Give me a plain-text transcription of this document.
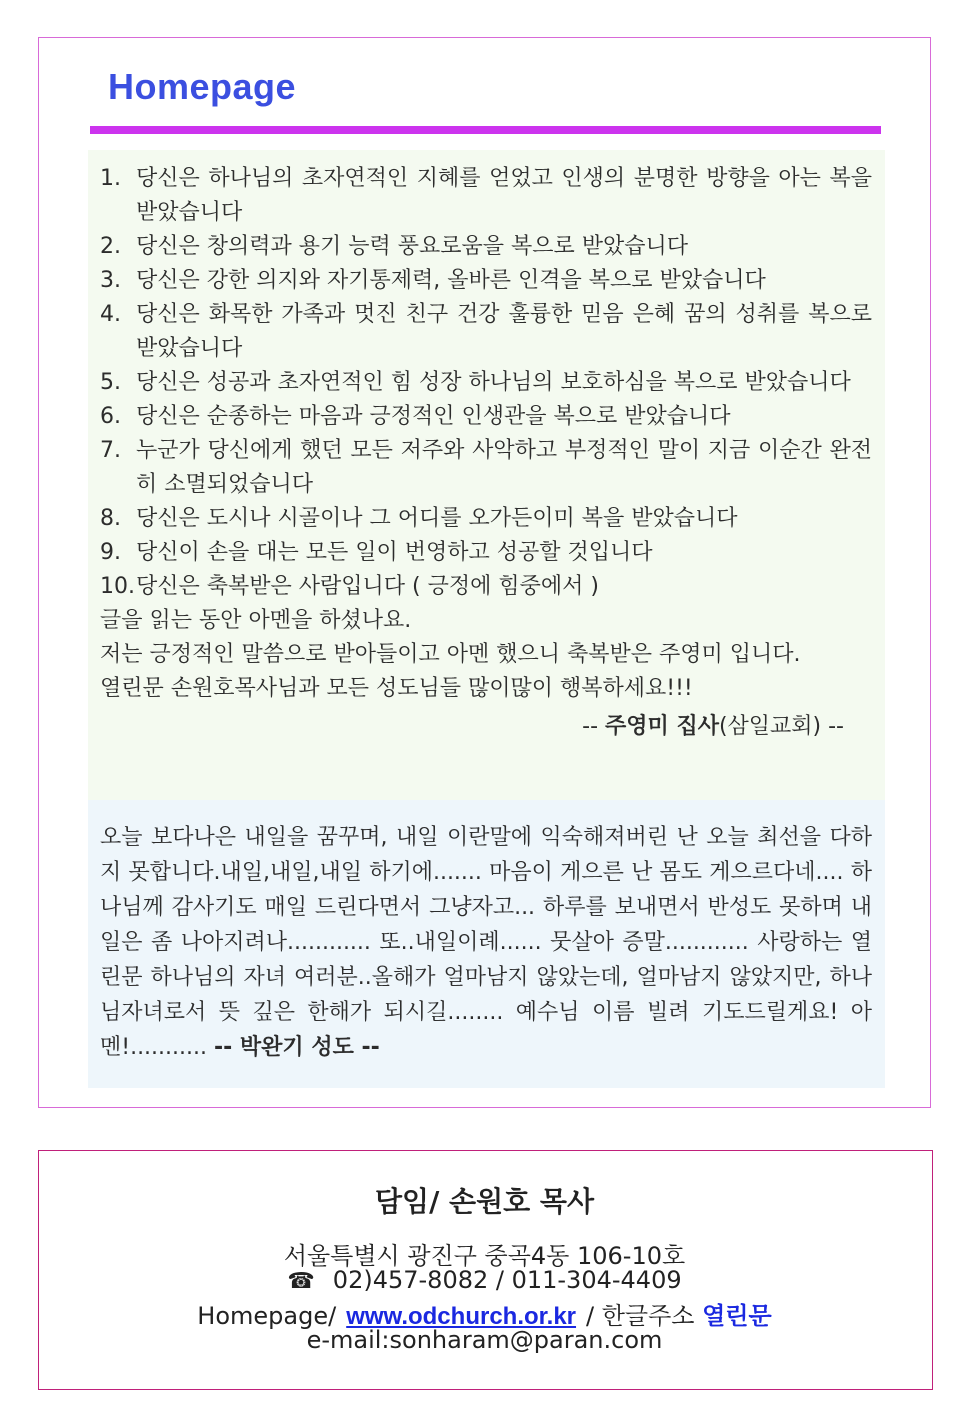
Homepage
1. 당신은 하나님의 초자연적인 지혜를 얻었고 인생의 분명한 방향을 아는 복을 받았습니다
2. 당신은 창의력과 용기 능력 풍요로움을 복으로 받았습니다
3. 당신은 강한 의지와 자기통제력, 올바른 인격을 복으로 받았습니다
4. 당신은 화목한 가족과 멋진 친구 건강 훌륭한 믿음 은혜 꿈의 성취를 복으로 받았습니다
5. 당신은 성공과 초자연적인 힘 성장 하나님의 보호하심을 복으로 받았습니다
6. 당신은 순종하는 마음과 긍정적인 인생관을 복으로 받았습니다
7. 누군가 당신에게 했던 모든 저주와 사악하고 부정적인 말이 지금 이순간 완전히 소멸되었습니다
8. 당신은 도시나 시골이나 그 어디를 오가든이미 복을 받았습니다
9. 당신이 손을 대는 모든 일이 번영하고 성공할 것입니다
10. 당신은 축복받은 사람입니다 ( 긍정에 힘중에서 )
글을 읽는 동안 아멘을 하셨나요.
저는 긍정적인 말씀으로 받아들이고 아멘 했으니 축복받은 주영미 입니다.
열린문 손원호목사님과 모든 성도님들 많이많이 행복하세요!!!
-- 주영미 집사(삼일교회) --
오늘 보다나은 내일을 꿈꾸며, 내일 이란말에 익숙해져버린 난 오늘 최선을 다하지 못합니다.내일,내일,내일 하기에....... 마음이 게으른 난 몸도 게으르다네.... 하나님께 감사기도 매일 드린다면서 그냥자고... 하루를 보내면서 반성도 못하며 내일은 좀 나아지려나............ 또..내일이례...... 뭇살아 증말............ 사랑하는 열린문 하나님의 자녀 여러분..올해가 얼마남지 않았는데, 얼마남지 않았지만, 하나님자녀로서 뜻 깊은 한해가 되시길........ 예수님 이름 빌려 기도드릴게요! 아멘!........... -- 박완기 성도 --
담임/ 손원호 목사
서울특별시 광진구 중곡4동 106-10호
☎ 02)457-8082 / 011-304-4409
Homepage/ www.odchurch.or.kr / 한글주소 열린문
e-mail:sonharam@paran.com
